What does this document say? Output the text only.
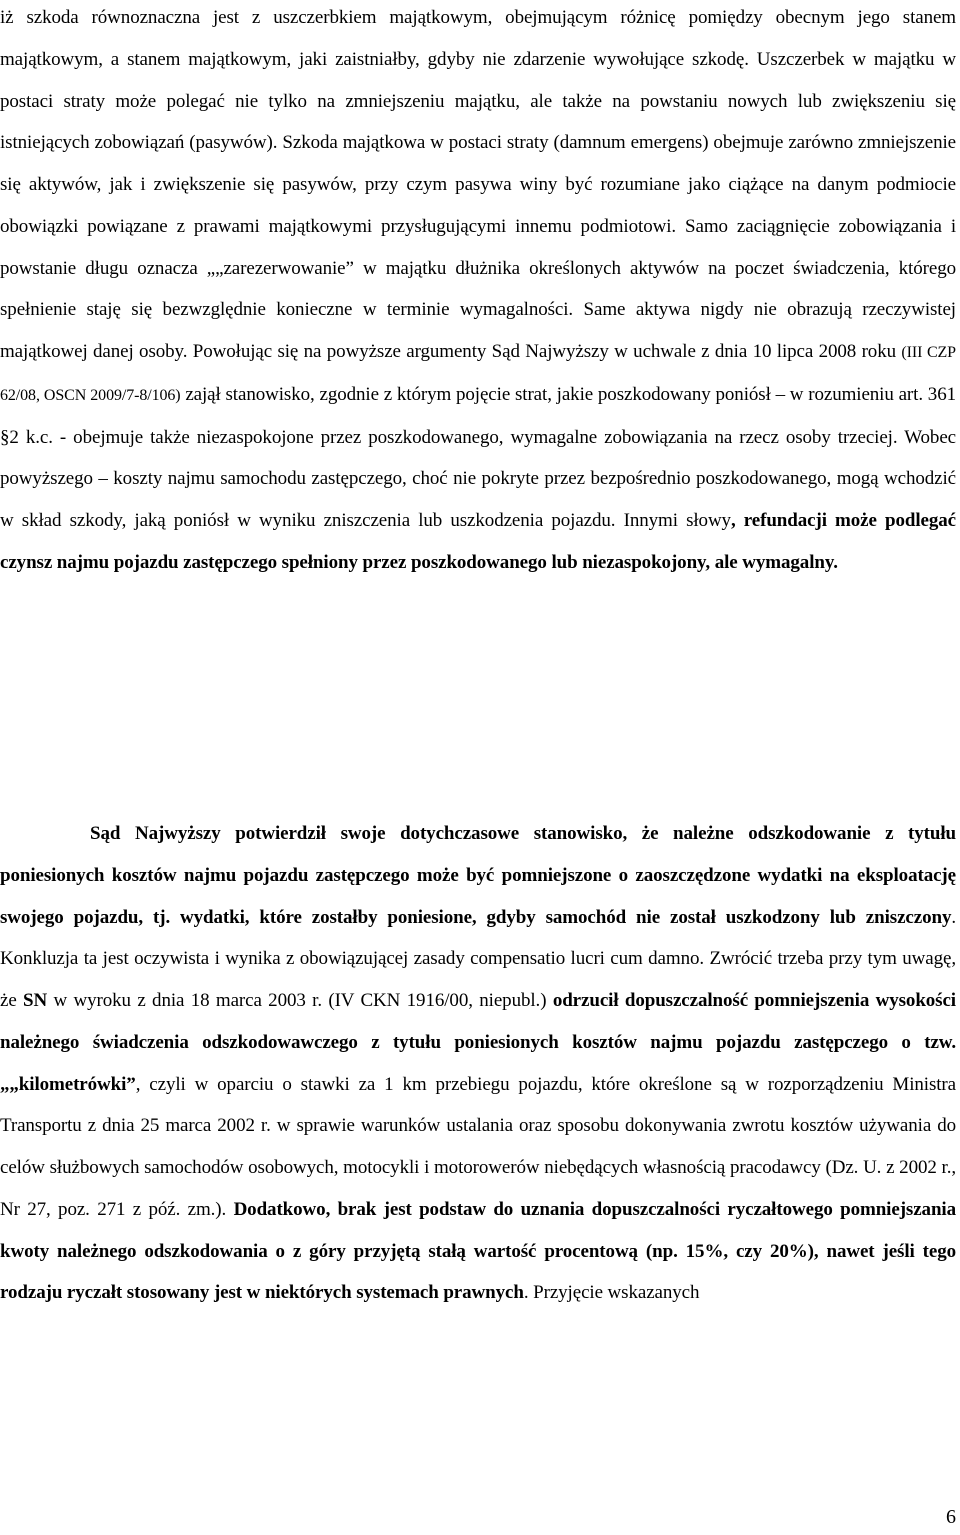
iż szkoda równoznaczna jest z uszczerbkiem majątkowym, obejmującym różnicę pomiędzy obecnym jego stanem majątkowym, a stanem majątkowym, jaki zaistniałby, gdyby nie zdarzenie wywołujące szkodę. Uszczerbek w majątku w postaci straty może polegać nie tylko na zmniejszeniu majątku, ale także na powstaniu nowych lub zwiększeniu się istniejących zobowiązań (pasywów). Szkoda majątkowa w postaci straty (damnum emergens) obejmuje zarówno zmniejszenie się aktywów, jak i zwiększenie się pasywów, przy czym pasywa winy być rozumiane jako ciążące na danym podmiocie obowiązki powiązane z prawami majątkowymi przysługującymi innemu podmiotowi. Samo zaciągnięcie zobowiązania i powstanie długu oznacza „„zarezerwowanie” w majątku dłużnika określonych aktywów na poczet świadczenia, którego spełnienie staję się bezwzględnie konieczne w terminie wymagalności. Same aktywa nigdy nie obrazują rzeczywistej majątkowej danej osoby. Powołując się na powyższe argumenty Sąd Najwyższy w uchwale z dnia 10 lipca 2008 roku (III CZP 62/08, OSCN 2009/7-8/106) zajął stanowisko, zgodnie z którym pojęcie strat, jakie poszkodowany poniósł – w rozumieniu art. 361 §2 k.c. - obejmuje także niezaspokojone przez poszkodowanego, wymagalne zobowiązania na rzecz osoby trzeciej. Wobec powyższego – koszty najmu samochodu zastępczego, choć nie pokryte przez bezpośrednio poszkodowanego, mogą wchodzić w skład szkody, jaką poniósł w wyniku zniszczenia lub uszkodzenia pojazdu. Innymi słowy, refundacji może podlegać czynsz najmu pojazdu zastępczego spełniony przez poszkodowanego lub niezaspokojony, ale wymagalny.

Sąd Najwyższy potwierdził swoje dotychczasowe stanowisko, że należne odszkodowanie z tytułu poniesionych kosztów najmu pojazdu zastępczego może być pomniejszone o zaoszczędzone wydatki na eksploatację swojego pojazdu, tj. wydatki, które zostałby poniesione, gdyby samochód nie został uszkodzony lub zniszczony. Konkluzja ta jest oczywista i wynika z obowiązującej zasady compensatio lucri cum damno. Zwrócić trzeba przy tym uwagę, że SN w wyroku z dnia 18 marca 2003 r. (IV CKN 1916/00, niepubl.) odrzucił dopuszczalność pomniejszenia wysokości należnego świadczenia odszkodowawczego z tytułu poniesionych kosztów najmu pojazdu zastępczego o tzw. „„kilometrówki”, czyli w oparciu o stawki za 1 km przebiegu pojazdu, które określone są w rozporządzeniu Ministra Transportu z dnia 25 marca 2002 r. w sprawie warunków ustalania oraz sposobu dokonywania zwrotu kosztów używania do celów służbowych samochodów osobowych, motocykli i motorowerów niebędących własnością pracodawcy (Dz. U. z 2002 r., Nr 27, poz. 271 z póź. zm.). Dodatkowo, brak jest podstaw do uznania dopuszczalności ryczałtowego pomniejszania kwoty należnego odszkodowania o z góry przyjętą stałą wartość procentową (np. 15%, czy 20%), nawet jeśli tego rodzaju ryczałt stosowany jest w niektórych systemach prawnych. Przyjęcie wskazanych

6
